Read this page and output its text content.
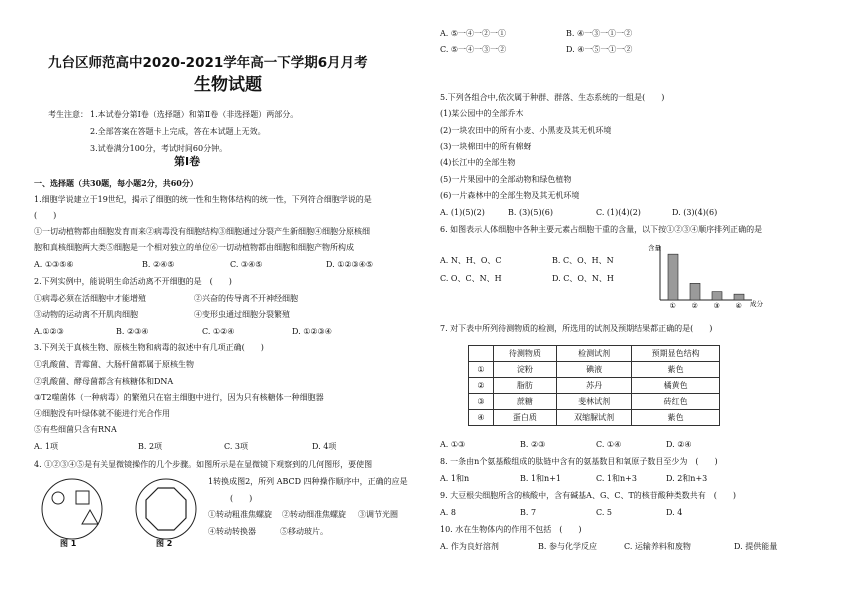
九台区师范高中2020-2021学年高一下学期6月月考
生物试题
考生注意： 1.本试卷分第Ⅰ卷（选择题）和第Ⅱ卷（非选择题）两部分。
2.全部答案在答题卡上完成，答在本试题上无效。
3.试卷满分100分，考试时间60分钟。
第Ⅰ卷
一、选择题（共30题，每小题2分，共60分）
1.细胞学说建立于19世纪，揭示了细胞的统一性和生物体结构的统一性，下列符合细胞学说的是
(　　)
①一切动植物都由细胞发育而来②病毒没有细胞结构③细胞通过分裂产生新细胞④细胞分原核细
胞和真核细胞两大类⑤细胞是一个相对独立的单位⑥一切动植物都由细胞和细胞产物所构成
A. ①③⑤⑥	B. ②④⑤	C. ③④⑤	D. ①②③④⑤
2.下列实例中，能说明生命活动离不开细胞的是　(　　)
①病毒必须在活细胞中才能增殖	②兴奋的传导离不开神经细胞
③动物的运动离不开肌肉细胞	④变形虫通过细胞分裂繁殖
A.①②③	B. ②③④	C. ①②④	D. ①②③④
3.下列关于真核生物、原核生物和病毒的叙述中有几项正确(　　)
①乳酸菌、青霉菌、大肠杆菌都属于原核生物
②乳酸菌、酵母菌都含有核糖体和DNA
③T2噬菌体（一种病毒）的繁殖只在宿主细胞中进行，因为只有核糖体一种细胞器
④细胞没有叶绿体就不能进行光合作用
⑤有些细菌只含有RNA
A. 1项	B. 2项	C. 3项	D. 4项
4. ①②③④⑤是有关显微镜操作的几个步骤。如图所示是在显微镜下观察到的几何图形，要使图
1转换成图2，所列 ABCD 四种操作顺序中，正确的应是
(　　)
①转动粗准焦螺旋 ②转动细准焦螺旋 ③调节光圈
④转动转换器	⑤移动玻片。
图 1	图 2
A. ⑤一④一②一①	B. ④一③一①一②
C. ⑤一④一③一②	D. ④一⑤一①一②
5.下列各组合中,依次属于种群、群落、生态系统的一组是(　　)
(1)某公园中的全部乔木
(2)一块农田中的所有小麦、小黑麦及其无机环境
(3)一块棉田中的所有棉蚜
(4)长江中的全部生物
(5)一片果园中的全部动物和绿色植物
(6)一片森林中的全部生物及其无机环境
A. (1)(5)(2)	B. (3)(5)(6)	C. (1)(4)(2)	D. (3)(4)(6)
6. 如图表示人体细胞中各种主要元素占细胞干重的含量，以下按①②③④顺序排列正确的是
A. N、H、O、C	B. C、O、H、N
C. O、C、N、H	D. C、O、N、H
含量
成分
① ② ③ ④
7. 对下表中所列待测物质的检测，所选用的试剂及预期结果都正确的是(　　)
	待测物质	检测试剂	预期显色结构
①	淀粉	碘液	紫色
②	脂肪	苏丹	橘黄色
③	蔗糖	斐林试剂	砖红色
④	蛋白质	双缩脲试剂	紫色
A. ①③	B. ②③	C. ①④	D. ②④
8. 一条由n个氨基酸组成的肽链中含有的氨基数目和氧原子数目至少为　(　　)
A. 1和n	B. 1和n+1	C. 1和n+3	D. 2和n+3
9. 大豆根尖细胞所含的核酸中，含有碱基A、G、C、T的核苷酸种类数共有　(　　)
A. 8	B. 7	C. 5	D. 4
10. 水在生物体内的作用不包括　(　　)
A. 作为良好溶剂	B. 参与化学反应	C. 运输养料和废物	D. 提供能量
